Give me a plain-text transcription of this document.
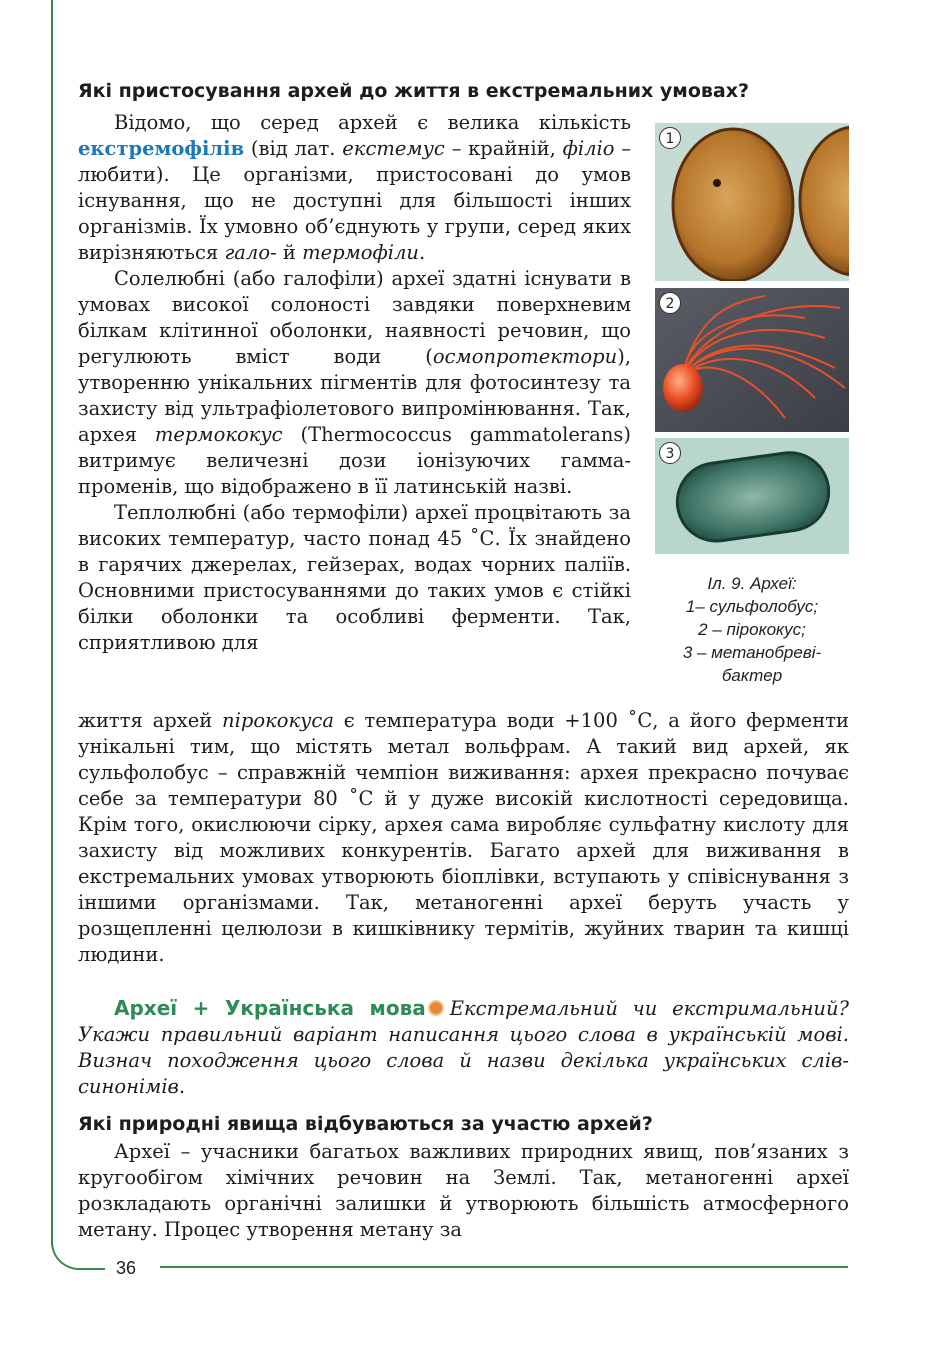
36
Які пристосування архей до життя в екстремальних умовах?

Відомо, що серед архей є велика кількість екстремофілів (від лат. екстемус – крайній, філіо – любити). Це організми, пристосовані до умов існування, що не доступні для більшості інших організмів. Їх умовно об’єднують у групи, серед яких вирізняються гало- й термофіли.

Солелюбні (або галофіли) археї здатні існувати в умовах високої солоності завдяки поверхневим білкам клітинної оболонки, наявності речовин, що регулюють вміст води (осмопротектори), утворенню унікальних пігментів для фотосинтезу та захисту від ультрафіолетового випромінювання. Так, архея термококус (Thermococcus gammatolerans) витримує величезні дози іонізуючих гамма-променів, що відображено в її латинській назві.

Теплолюбні (або термофіли) археї процвітають за високих температур, часто понад 45 ˚С. Їх знайдено в гарячих джерелах, гейзерах, водах чорних паліїв. Основними пристосуваннями до таких умов є стійкі білки оболонки та особливі ферменти. Так, сприятливою для

життя архей пірококуса є температура води +100 ˚С, а його ферменти унікальні тим, що містять метал вольфрам. А такий вид архей, як сульфолобус – справжній чемпіон виживання: архея прекрасно почуває себе за температури 80 ˚С й у дуже високій кислотності середовища. Крім того, окислюючи сірку, архея сама виробляє сульфатну кислоту для захисту від можливих конкурентів. Багато архей для виживання в екстремальних умовах утворюють біоплівки, вступають у співіснування з іншими організмами. Так, метаногенні археї беруть участь у розщепленні целюлози в кишківнику термітів, жуйних тварин та кишці людини.

1
2
3
Іл. 9. Археї:
1– сульфолобус;
2 – пірококус;
3 – метанобреві-
бактер
Археї + Українська мова Екстремальний чи екстримальний? Укажи правильний варіант написання цього слова в українській мові. Визнач походження цього слова й назви декілька українських слів-синонімів.
Які природні явища відбуваються за участю архей?

Археї – учасники багатьох важливих природних явищ, пов’язаних з кругообігом хімічних речовин на Землі. Так, метаногенні археї розкладають органічні залишки й утворюють більшість атмосферного метану. Процес утворення метану за
